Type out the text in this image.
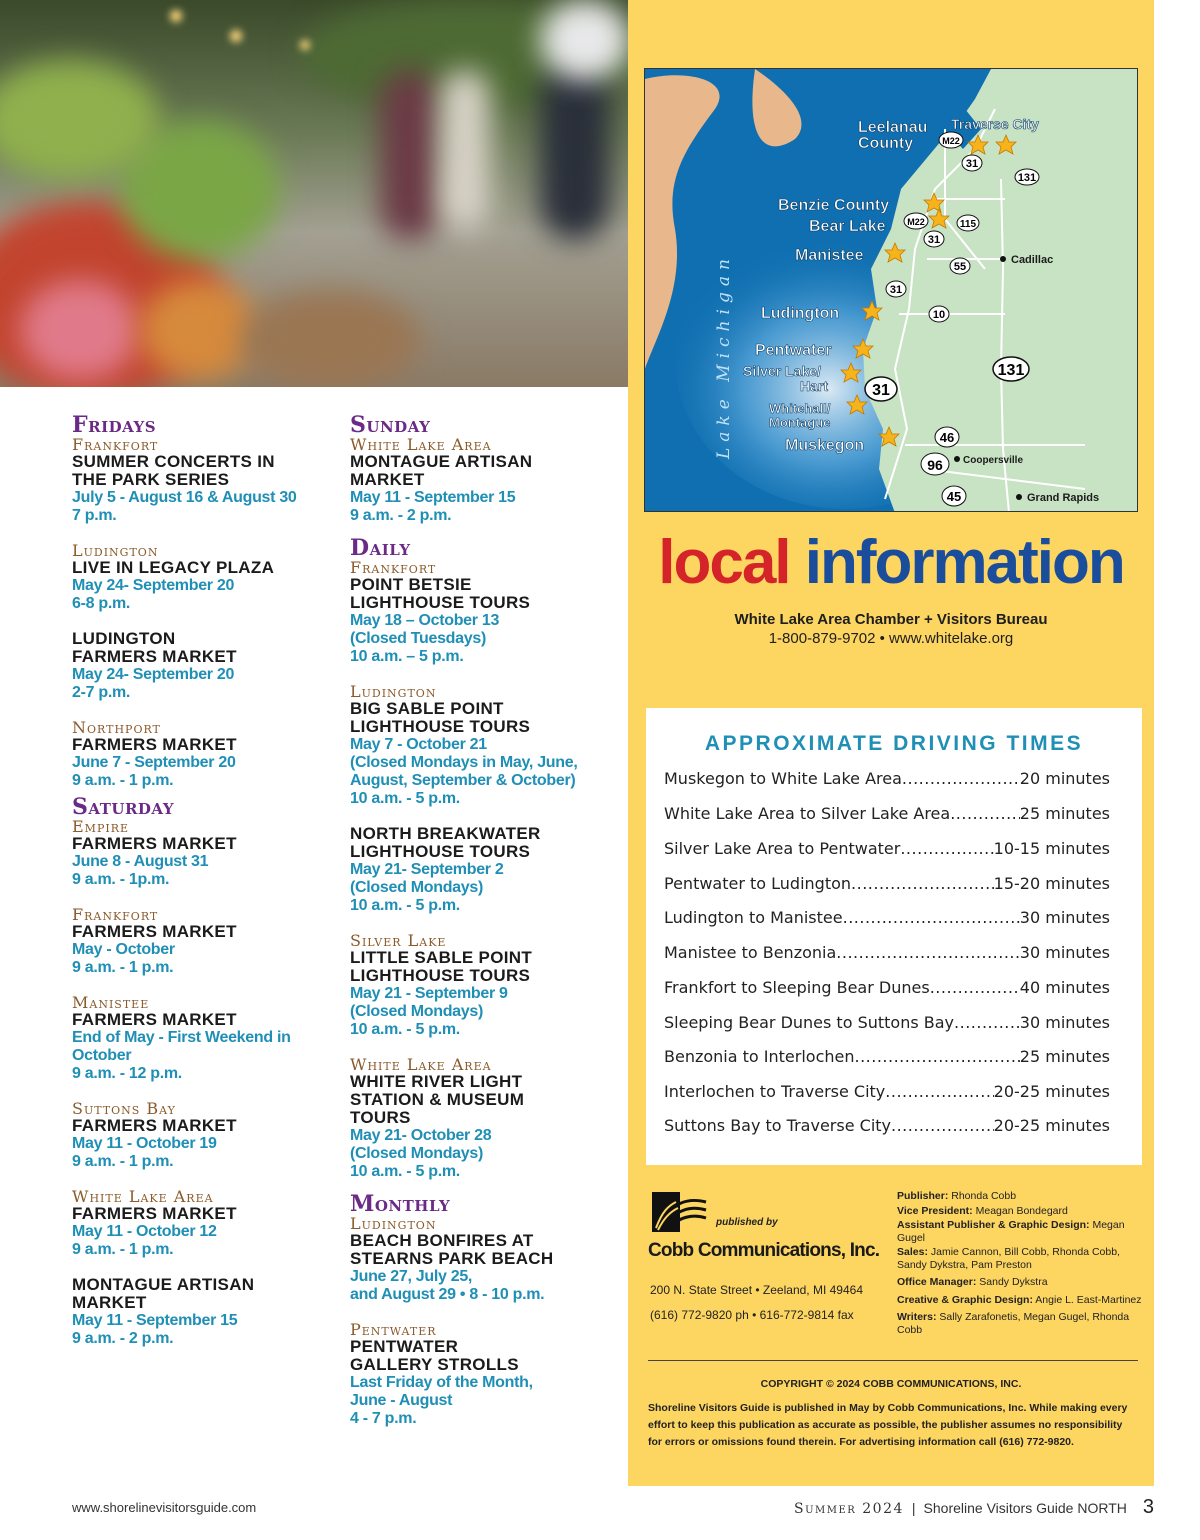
Fridays
Frankfort
SUMMER CONCERTS IN
THE PARK SERIES
July 5 - August 16 & August 30
7 p.m.
Ludington
LIVE IN LEGACY PLAZA
May 24- September 20
6-8 p.m.
LUDINGTON
FARMERS MARKET
May 24- September 20
2-7 p.m.
Northport
FARMERS MARKET
June 7 - September 20
9 a.m. - 1 p.m.
Saturday
Empire
FARMERS MARKET
June 8 - August 31
9 a.m. - 1p.m.
Frankfort
FARMERS MARKET
May - October
9 a.m. - 1 p.m.
Manistee
FARMERS MARKET
End of May - First Weekend in
October
9 a.m. - 12 p.m.
Suttons Bay
FARMERS MARKET
May 11 - October 19
9 a.m. - 1 p.m.
White Lake Area
FARMERS MARKET
May 11 - October 12
9 a.m. - 1 p.m.
MONTAGUE ARTISAN
MARKET
May 11 - September 15
9 a.m. - 2 p.m.
Sunday
White Lake Area
MONTAGUE ARTISAN
MARKET
May 11 - September 15
9 a.m. - 2 p.m.
Daily
Frankfort
POINT BETSIE
LIGHTHOUSE TOURS
May 18 – October 13
(Closed Tuesdays)
10 a.m. – 5 p.m.
Ludington
BIG SABLE POINT
LIGHTHOUSE TOURS
May 7 - October 21
(Closed Mondays in May, June,
August, September & October)
10 a.m. - 5 p.m.
NORTH BREAKWATER
LIGHTHOUSE TOURS
May 21- September 2
(Closed Mondays)
10 a.m. - 5 p.m.
Silver Lake
LITTLE SABLE POINT
LIGHTHOUSE TOURS
May 21 - September 9
(Closed Mondays)
10 a.m. - 5 p.m.
White Lake Area
WHITE RIVER LIGHT
STATION & MUSEUM
TOURS
May 21- October 28
(Closed Mondays)
10 a.m. - 5 p.m.
Monthly
Ludington
BEACH BONFIRES AT
STEARNS PARK BEACH
June 27, July 25,
and August 29 • 8 - 10 p.m.
Pentwater
PENTWATER
GALLERY STROLLS
Last Friday of the Month,
June - August
4 - 7 p.m.
Lake Michigan
Leelanau
County
Traverse City
Benzie County
Bear Lake
Manistee
Ludington
Pentwater
Silver Lake/
Hart
Whitehall/
Montague
Muskegon
Cadillac
Coopersville
Grand Rapids
M22
31
131
M22	115
31
55
31
10
131
31
46
96
45
local information
White Lake Area Chamber + Visitors Bureau
1-800-879-9702 • www.whitelake.org
APPROXIMATE DRIVING TIMES
Muskegon to White Lake Area .....	20 minutes
White Lake Area to Silver Lake Area .....	25 minutes
Silver Lake Area to Pentwater .....	10-15 minutes
Pentwater to Ludington .....	15-20 minutes
Ludington to Manistee .....	30 minutes
Manistee to Benzonia .....	30 minutes
Frankfort to Sleeping Bear Dunes .....	40 minutes
Sleeping Bear Dunes to Suttons Bay .....	30 minutes
Benzonia to Interlochen .....	25 minutes
Interlochen to Traverse City .....	20-25 minutes
Suttons Bay to Traverse City .....	20-25 minutes
published by
Cobb Communications, Inc.
200 N. State Street • Zeeland, MI 49464
(616) 772-9820 ph • 616-772-9814 fax
Publisher: Rhonda Cobb
Vice President: Meagan Bondegard
Assistant Publisher & Graphic Design: Megan Gugel
Sales: Jamie Cannon, Bill Cobb, Rhonda Cobb, Sandy Dykstra, Pam Preston
Office Manager: Sandy Dykstra
Creative & Graphic Design: Angie L. East-Martinez
Writers: Sally Zarafonetis, Megan Gugel, Rhonda Cobb
COPYRIGHT © 2024 COBB COMMUNICATIONS, INC.
Shoreline Visitors Guide is published in May by Cobb Communications, Inc. While making every effort to keep this publication as accurate as possible, the publisher assumes no responsibility for errors or omissions found therein. For advertising information call (616) 772-9820.
www.shorelinevisitorsguide.com	Summer 2024 | Shoreline Visitors Guide NORTH 3
